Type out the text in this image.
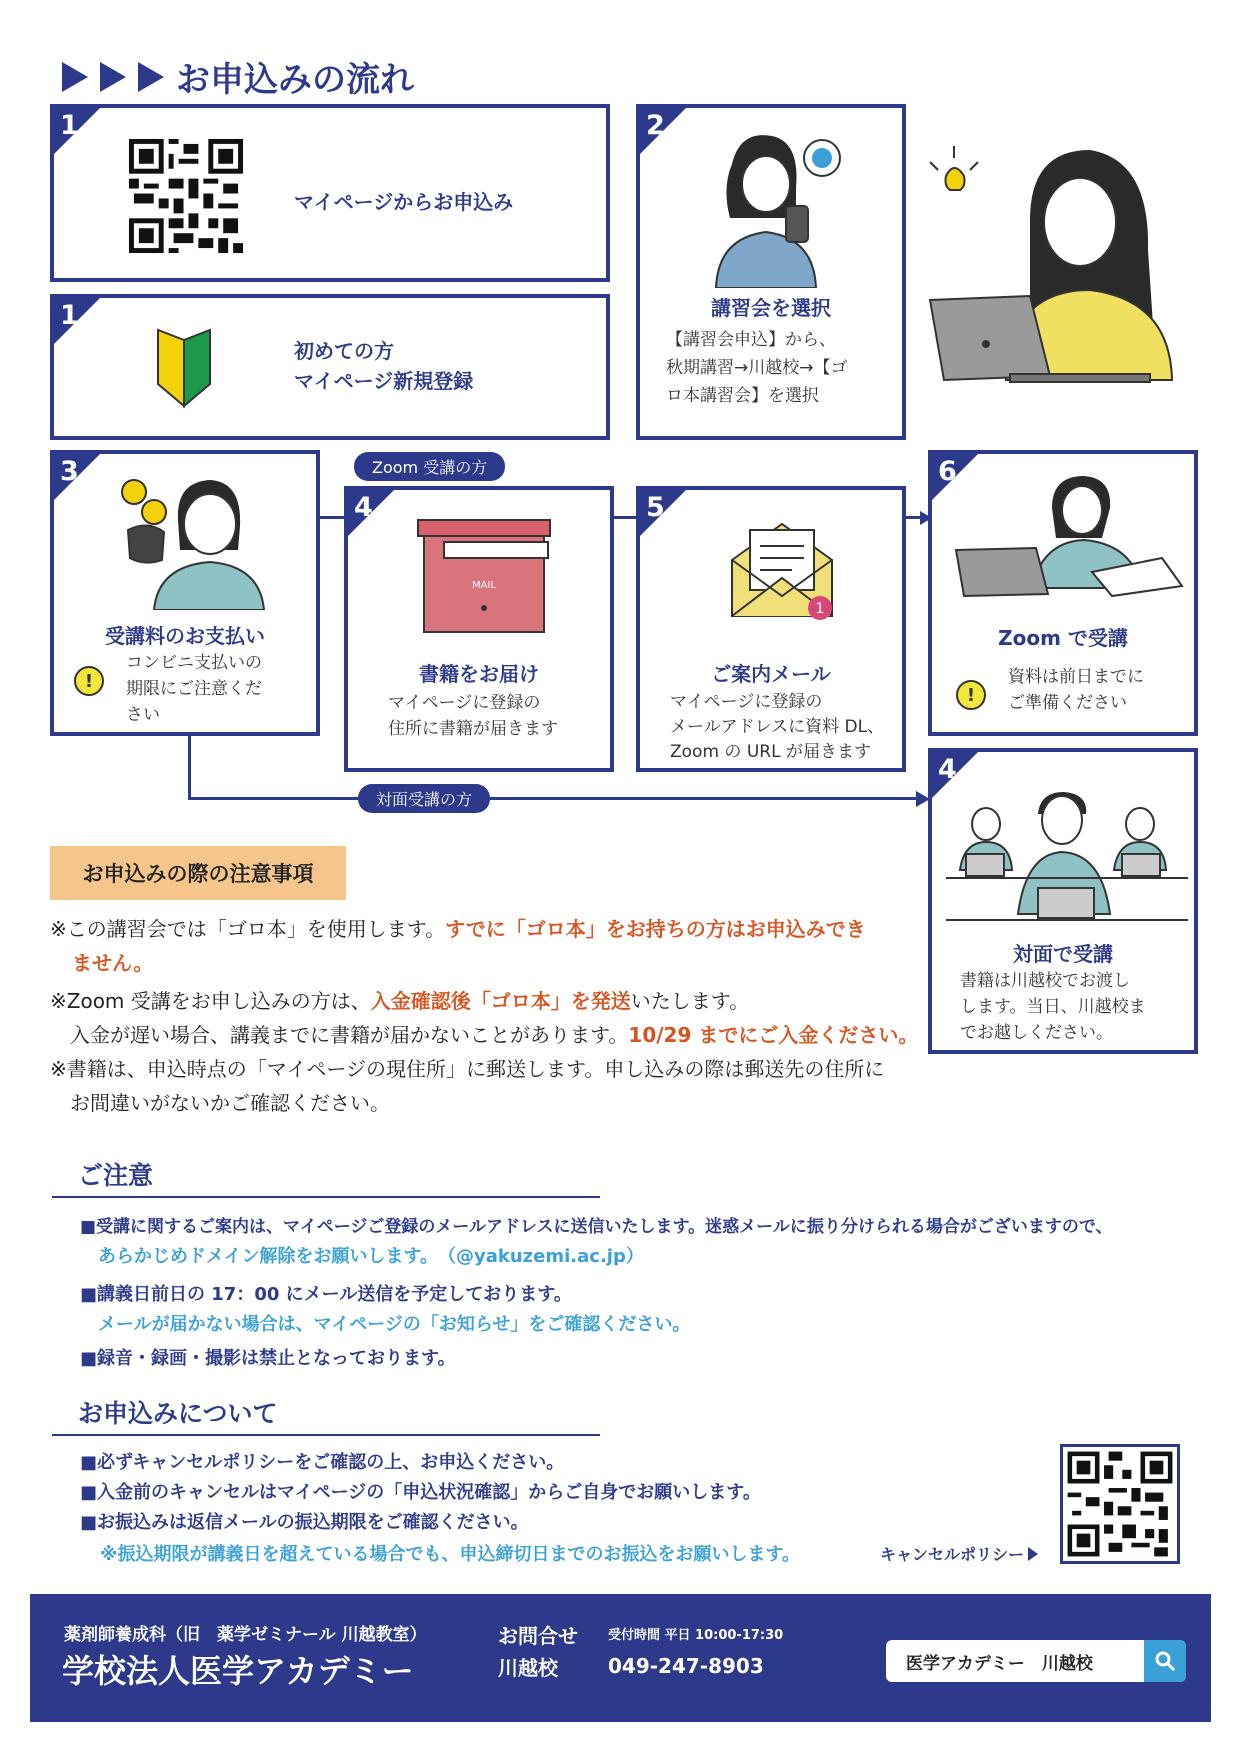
お申込みの流れ
1
マイページからお申込み
1
初めての方
マイページ新規登録
2
講習会を選択
【講習会申込】から、
秋期講習→川越校→【ゴ
ロ本講習会】を選択
3
受講料のお支払い
!
コンビニ支払いの
期限にご注意くだ
さい
Zoom 受講の方
4
MAIL
書籍をお届け
マイページに登録の
住所に書籍が届きます
5
1
ご案内メール
マイページに登録の
メールアドレスに資料 DL、
Zoom の URL が届きます
6
Zoom で受講
!
資料は前日までに
ご準備ください
対面受講の方
4
対面で受講
書籍は川越校でお渡し
します。当日、川越校ま
でお越しください。
お申込みの際の注意事項
※この講習会では「ゴロ本」を使用します。すでに「ゴロ本」をお持ちの方はお申込みでき
ません。
※Zoom 受講をお申し込みの方は、入金確認後「ゴロ本」を発送いたします。
　入金が遅い場合、講義までに書籍が届かないことがあります。10/29 までにご入金ください。
※書籍は、申込時点の「マイページの現住所」に郵送します。申し込みの際は郵送先の住所に
　お間違いがないかご確認ください。
ご注意
■受講に関するご案内は、マイページご登録のメールアドレスに送信いたします。迷惑メールに振り分けられる場合がございますので、
あらかじめドメイン解除をお願いします。　（@yakuzemi.ac.jp）
■講義日前日の 17：00 にメール送信を予定しております。
メールが届かない場合は、マイページの「お知らせ」をご確認ください。
■録音・録画・撮影は禁止となっております。
お申込みについて
■必ずキャンセルポリシーをご確認の上、お申込ください。
■入金前のキャンセルはマイページの「申込状況確認」からご自身でお願いします。
■お振込みは返信メールの振込期限をご確認ください。
※振込期限が講義日を超えている場合でも、申込締切日までのお振込をお願いします。	キャンセルポリシー
薬剤師養成科（旧　薬学ゼミナール 川越教室）
学校法人医学アカデミー
お問合せ 受付時間 平日 10:00-17:30
川越校	049-247-8903	医学アカデミー　川越校
